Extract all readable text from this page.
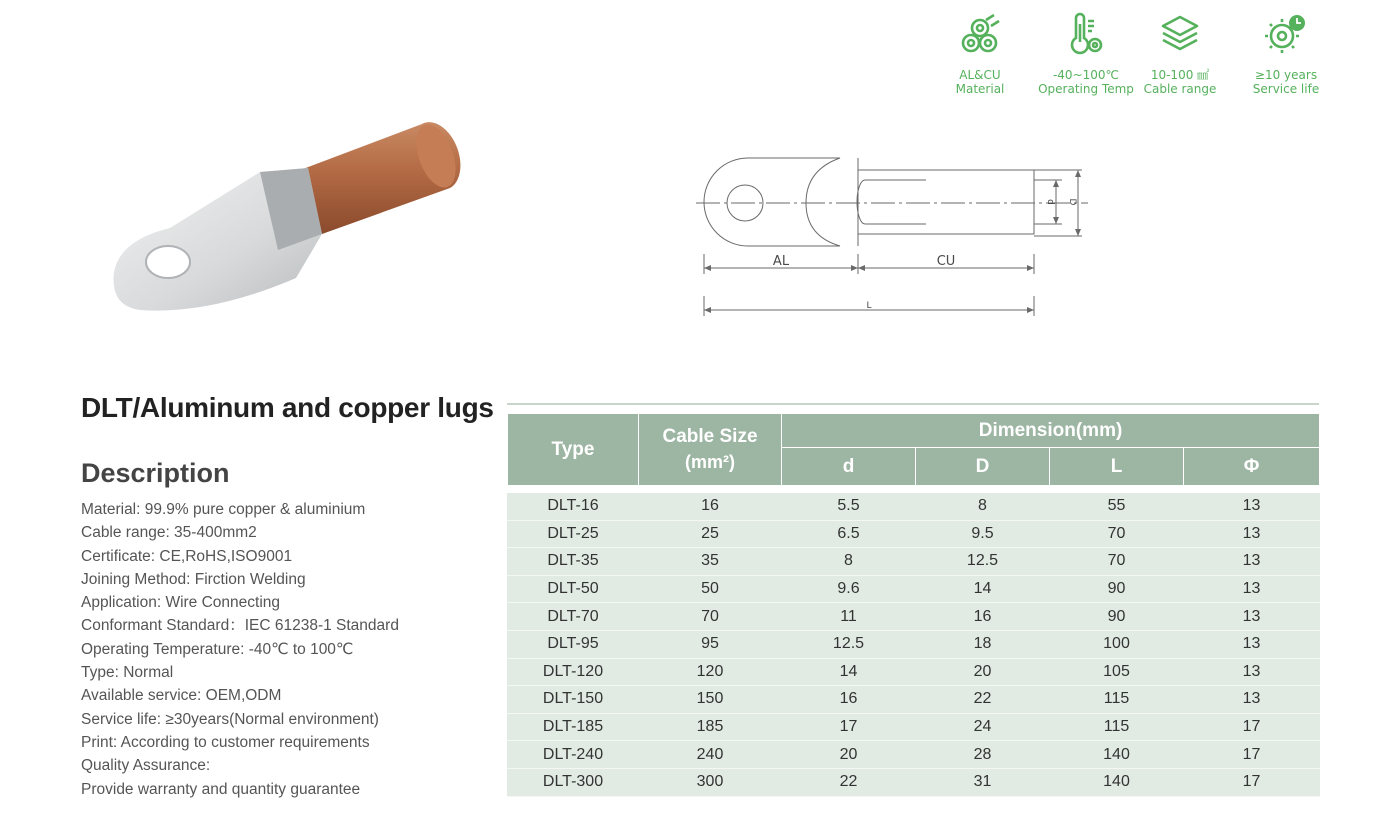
AL&CU
Material
-40~100℃
Operating Temp
10-100 ㎟
Cable range
≥10 years
Service life
AL	CU
L
d D
DLT/Aluminum and copper lugs
Description
Material: 99.9% pure copper & aluminium
Cable range: 35-400mm2
Certificate: CE,RoHS,ISO9001
Joining Method: Firction Welding
Application: Wire Connecting
Conformant Standard：IEC 61238-1 Standard
Operating Temperature: -40℃ to 100℃
Type: Normal
Available service: OEM,ODM
Service life: ≥30years(Normal environment)
Print: According to customer requirements
Quality Assurance:
Provide warranty and quantity guarantee
Type	Cable Size
(mm²)	Dimension(mm)			
		d	D	L	Φ

DLT-16	16	5.5	8	55	13
DLT-25	25	6.5	9.5	70	13
DLT-35	35	8	12.5	70	13
DLT-50	50	9.6	14	90	13
DLT-70	70	11	16	90	13
DLT-95	95	12.5	18	100	13
DLT-120	120	14	20	105	13
DLT-150	150	16	22	115	13
DLT-185	185	17	24	115	17
DLT-240	240	20	28	140	17
DLT-300	300	22	31	140	17
